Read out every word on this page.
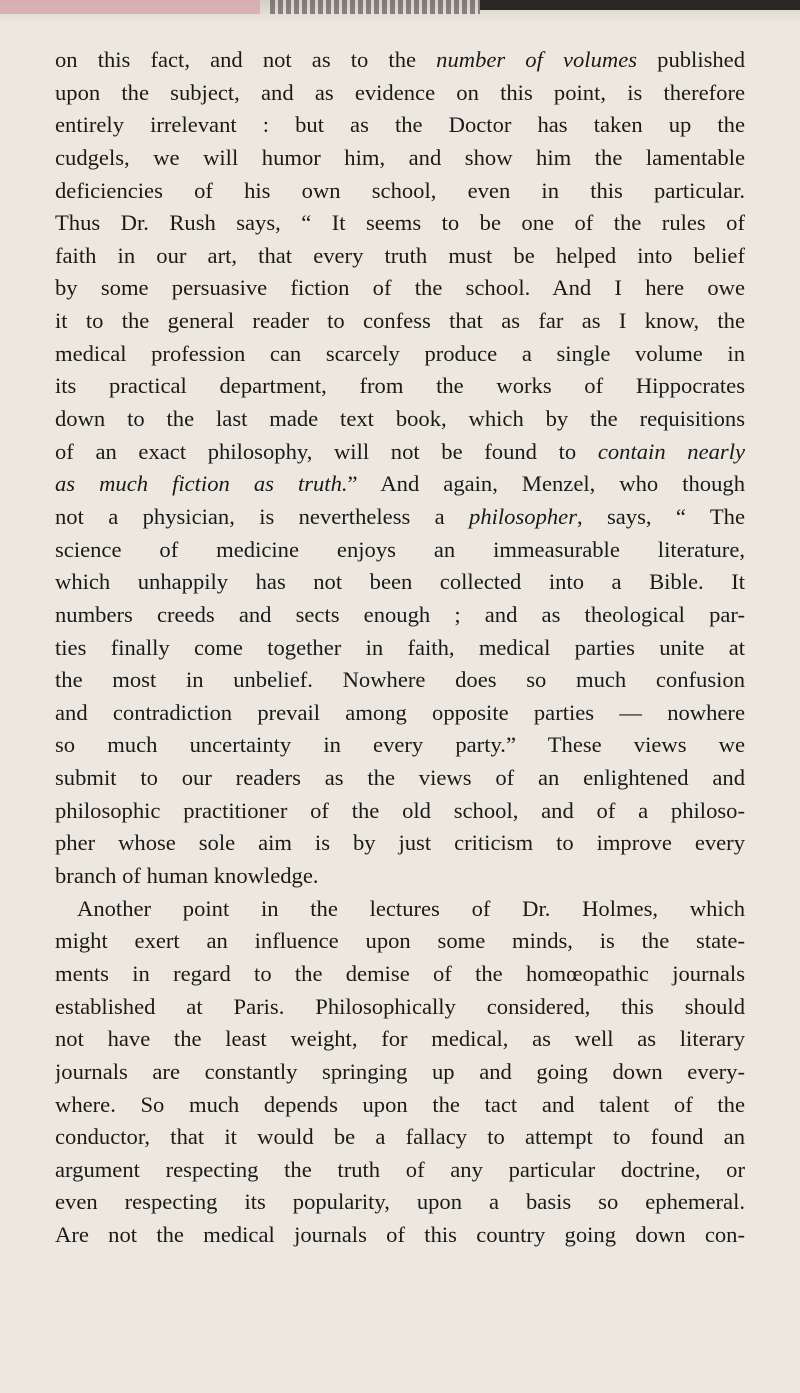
on this fact, and not as to the number of volumes published
upon the subject, and as evidence on this point, is therefore
entirely irrelevant : but as the Doctor has taken up the
cudgels, we will humor him, and show him the lamentable
deficiencies of his own school, even in this particular.
Thus Dr. Rush says, “ It seems to be one of the rules of
faith in our art, that every truth must be helped into belief
by some persuasive fiction of the school. And I here owe
it to the general reader to confess that as far as I know, the
medical profession can scarcely produce a single volume in
its practical department, from the works of Hippocrates
down to the last made text book, which by the requisitions
of an exact philosophy, will not be found to contain nearly
as much fiction as truth.” And again, Menzel, who though
not a physician, is nevertheless a philosopher, says, “ The
science of medicine enjoys an immeasurable literature,
which unhappily has not been collected into a Bible. It
numbers creeds and sects enough ; and as theological par-
ties finally come together in faith, medical parties unite at
the most in unbelief. Nowhere does so much confusion
and contradiction prevail among opposite parties — nowhere
so much uncertainty in every party.” These views we
submit to our readers as the views of an enlightened and
philosophic practitioner of the old school, and of a philoso-
pher whose sole aim is by just criticism to improve every
branch of human knowledge.
Another point in the lectures of Dr. Holmes, which
might exert an influence upon some minds, is the state-
ments in regard to the demise of the homœopathic journals
established at Paris. Philosophically considered, this should
not have the least weight, for medical, as well as literary
journals are constantly springing up and going down every-
where. So much depends upon the tact and talent of the
conductor, that it would be a fallacy to attempt to found an
argument respecting the truth of any particular doctrine, or
even respecting its popularity, upon a basis so ephemeral.
Are not the medical journals of this country going down con-
